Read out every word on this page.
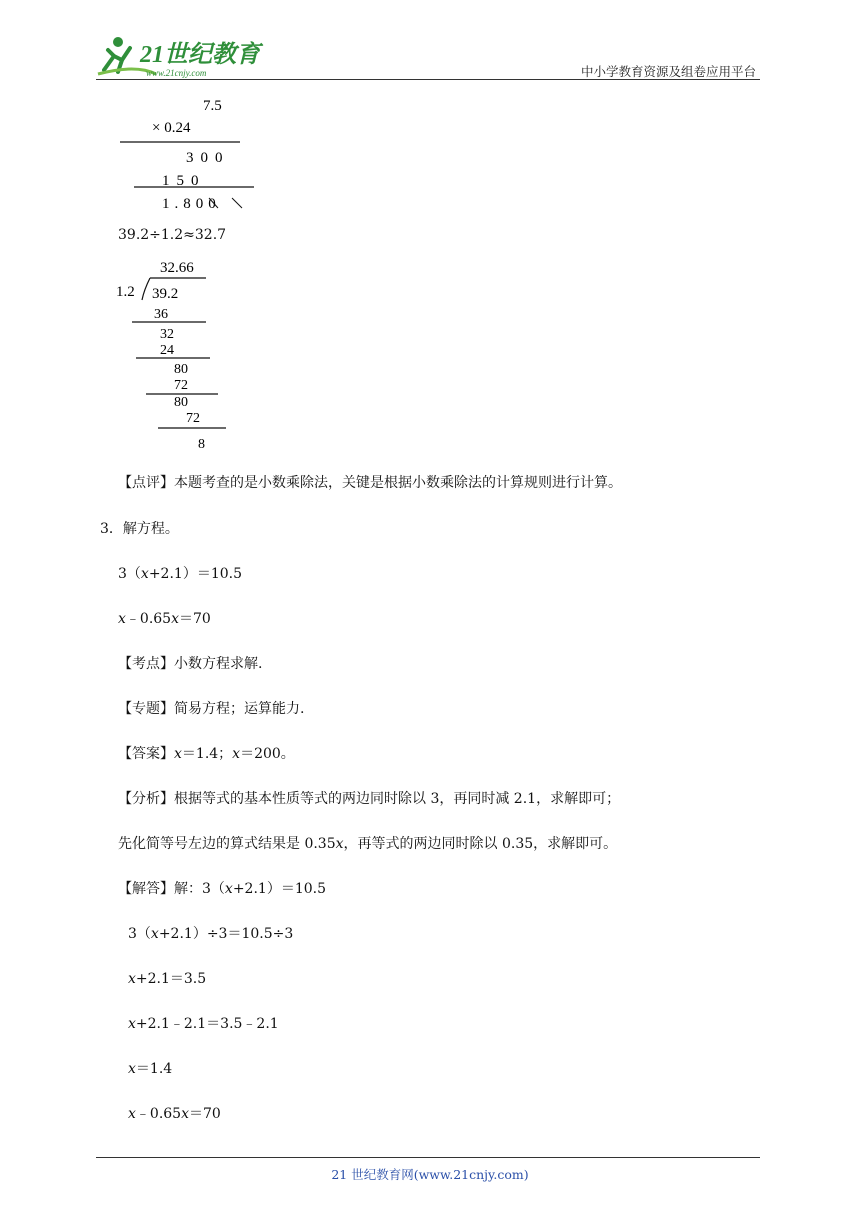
21世纪教育
www.21cnjy.com	中小学教育资源及组卷应用平台
7.5
× 0.24
300
150
1.800
39.2÷1.2≈32.7
32.66
1.2 39.2
36
32
24
80
72
80
72
8
【点评】本题考查的是小数乘除法，关键是根据小数乘除法的计算规则进行计算。
3．解方程。
3（x+2.1）＝10.5
x﹣0.65x＝70
【考点】小数方程求解.
【专题】简易方程；运算能力.
【答案】x＝1.4；x＝200。
【分析】根据等式的基本性质等式的两边同时除以 3，再同时减 2.1，求解即可；
先化简等号左边的算式结果是 0.35x，再等式的两边同时除以 0.35，求解即可。
【解答】解：3（x+2.1）＝10.5
3（x+2.1）÷3＝10.5÷3
x+2.1＝3.5
x+2.1﹣2.1＝3.5﹣2.1
x＝1.4
x﹣0.65x＝70
21 世纪教育网(www.21cnjy.com)
